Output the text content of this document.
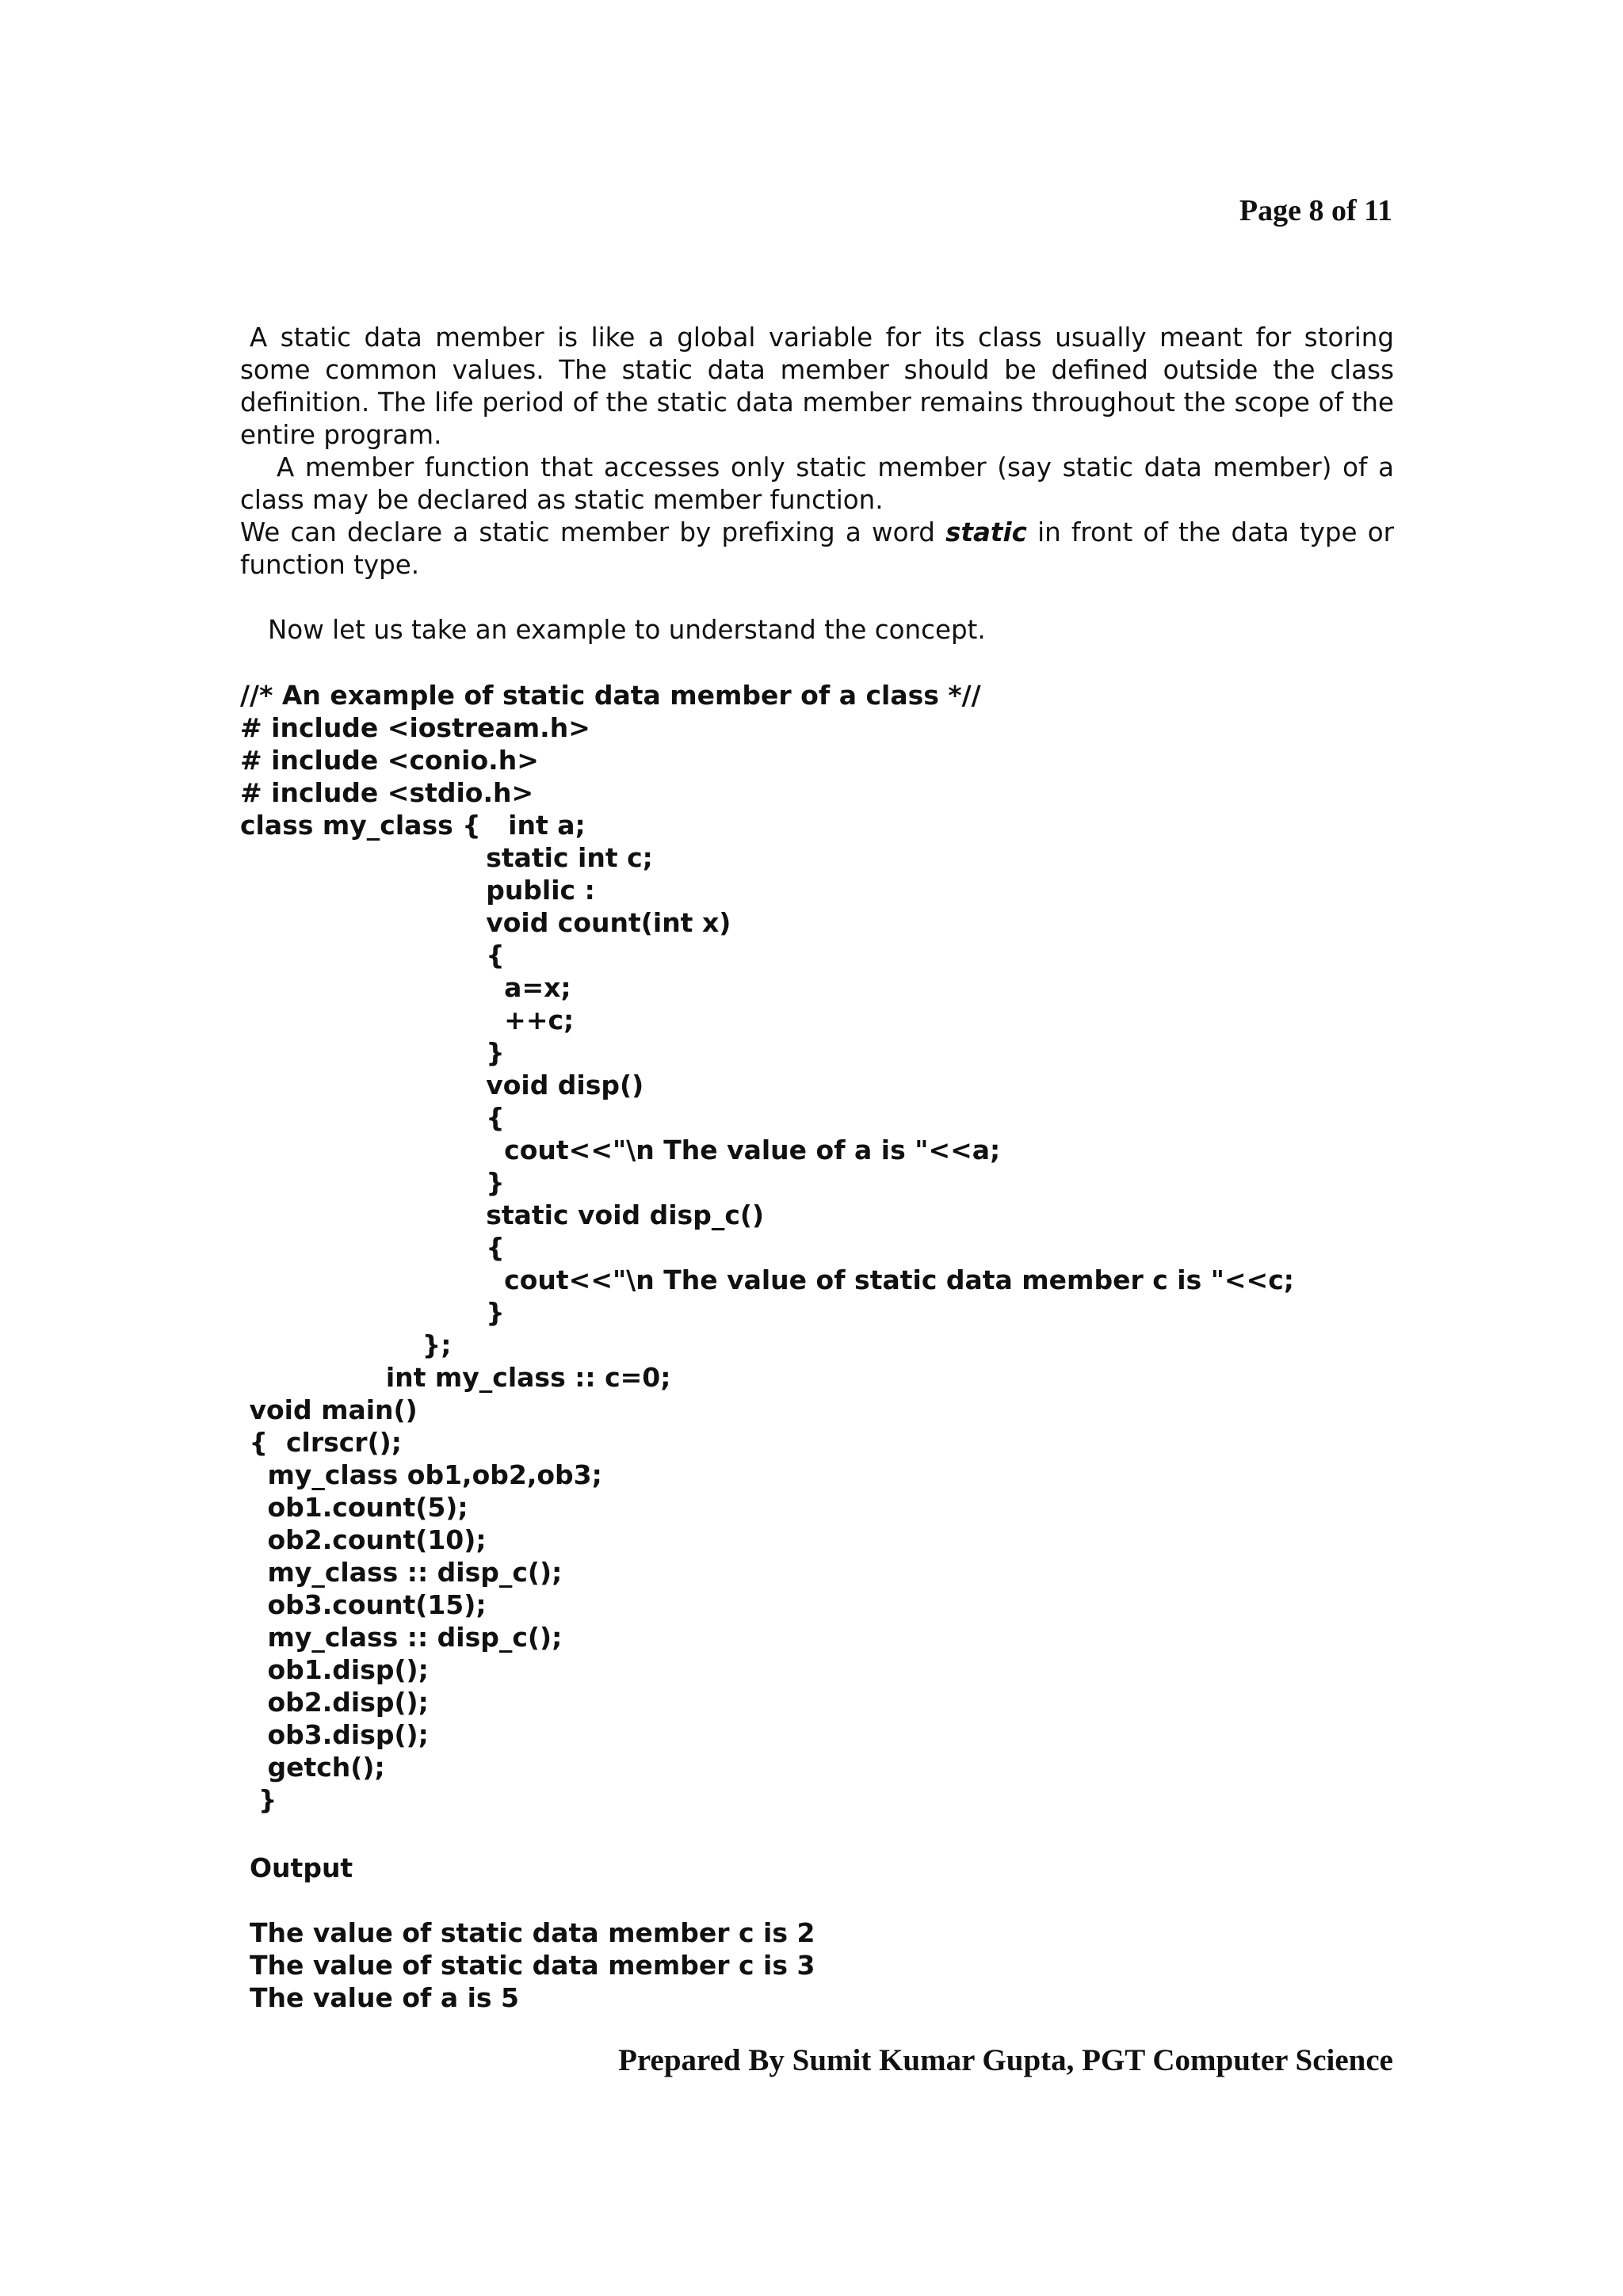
Page 8 of 11

A static data member is like a global variable for its class usually meant for storing some common values. The static data member should be defined outside the class definition. The life period of the static data member remains throughout the scope of the entire program.

A member function that accesses only static member (say static data member) of a class may be declared as static member function.

We can declare a static member by prefixing a word static in front of the data type or function type.

Now let us take an example to understand the concept.

//* An example of static data member of a class *//
# include <iostream.h>
# include <conio.h>
# include <stdio.h>
class my_class {   int a;
static int c;
public :
void count(int x)
{
a=x;
++c;
}
void disp()
{
cout<<"\n The value of a is "<<a;
}
static void disp_c()
{
cout<<"\n The value of static data member c is "<<c;
}
};
int my_class :: c=0;
void main()
{  clrscr();
my_class ob1,ob2,ob3;
ob1.count(5);
ob2.count(10);
my_class :: disp_c();
ob3.count(15);
my_class :: disp_c();
ob1.disp();
ob2.disp();
ob3.disp();
getch();
}
Output
The value of static data member c is 2
The value of static data member c is 3
The value of a is 5
Prepared By Sumit Kumar Gupta, PGT Computer Science
